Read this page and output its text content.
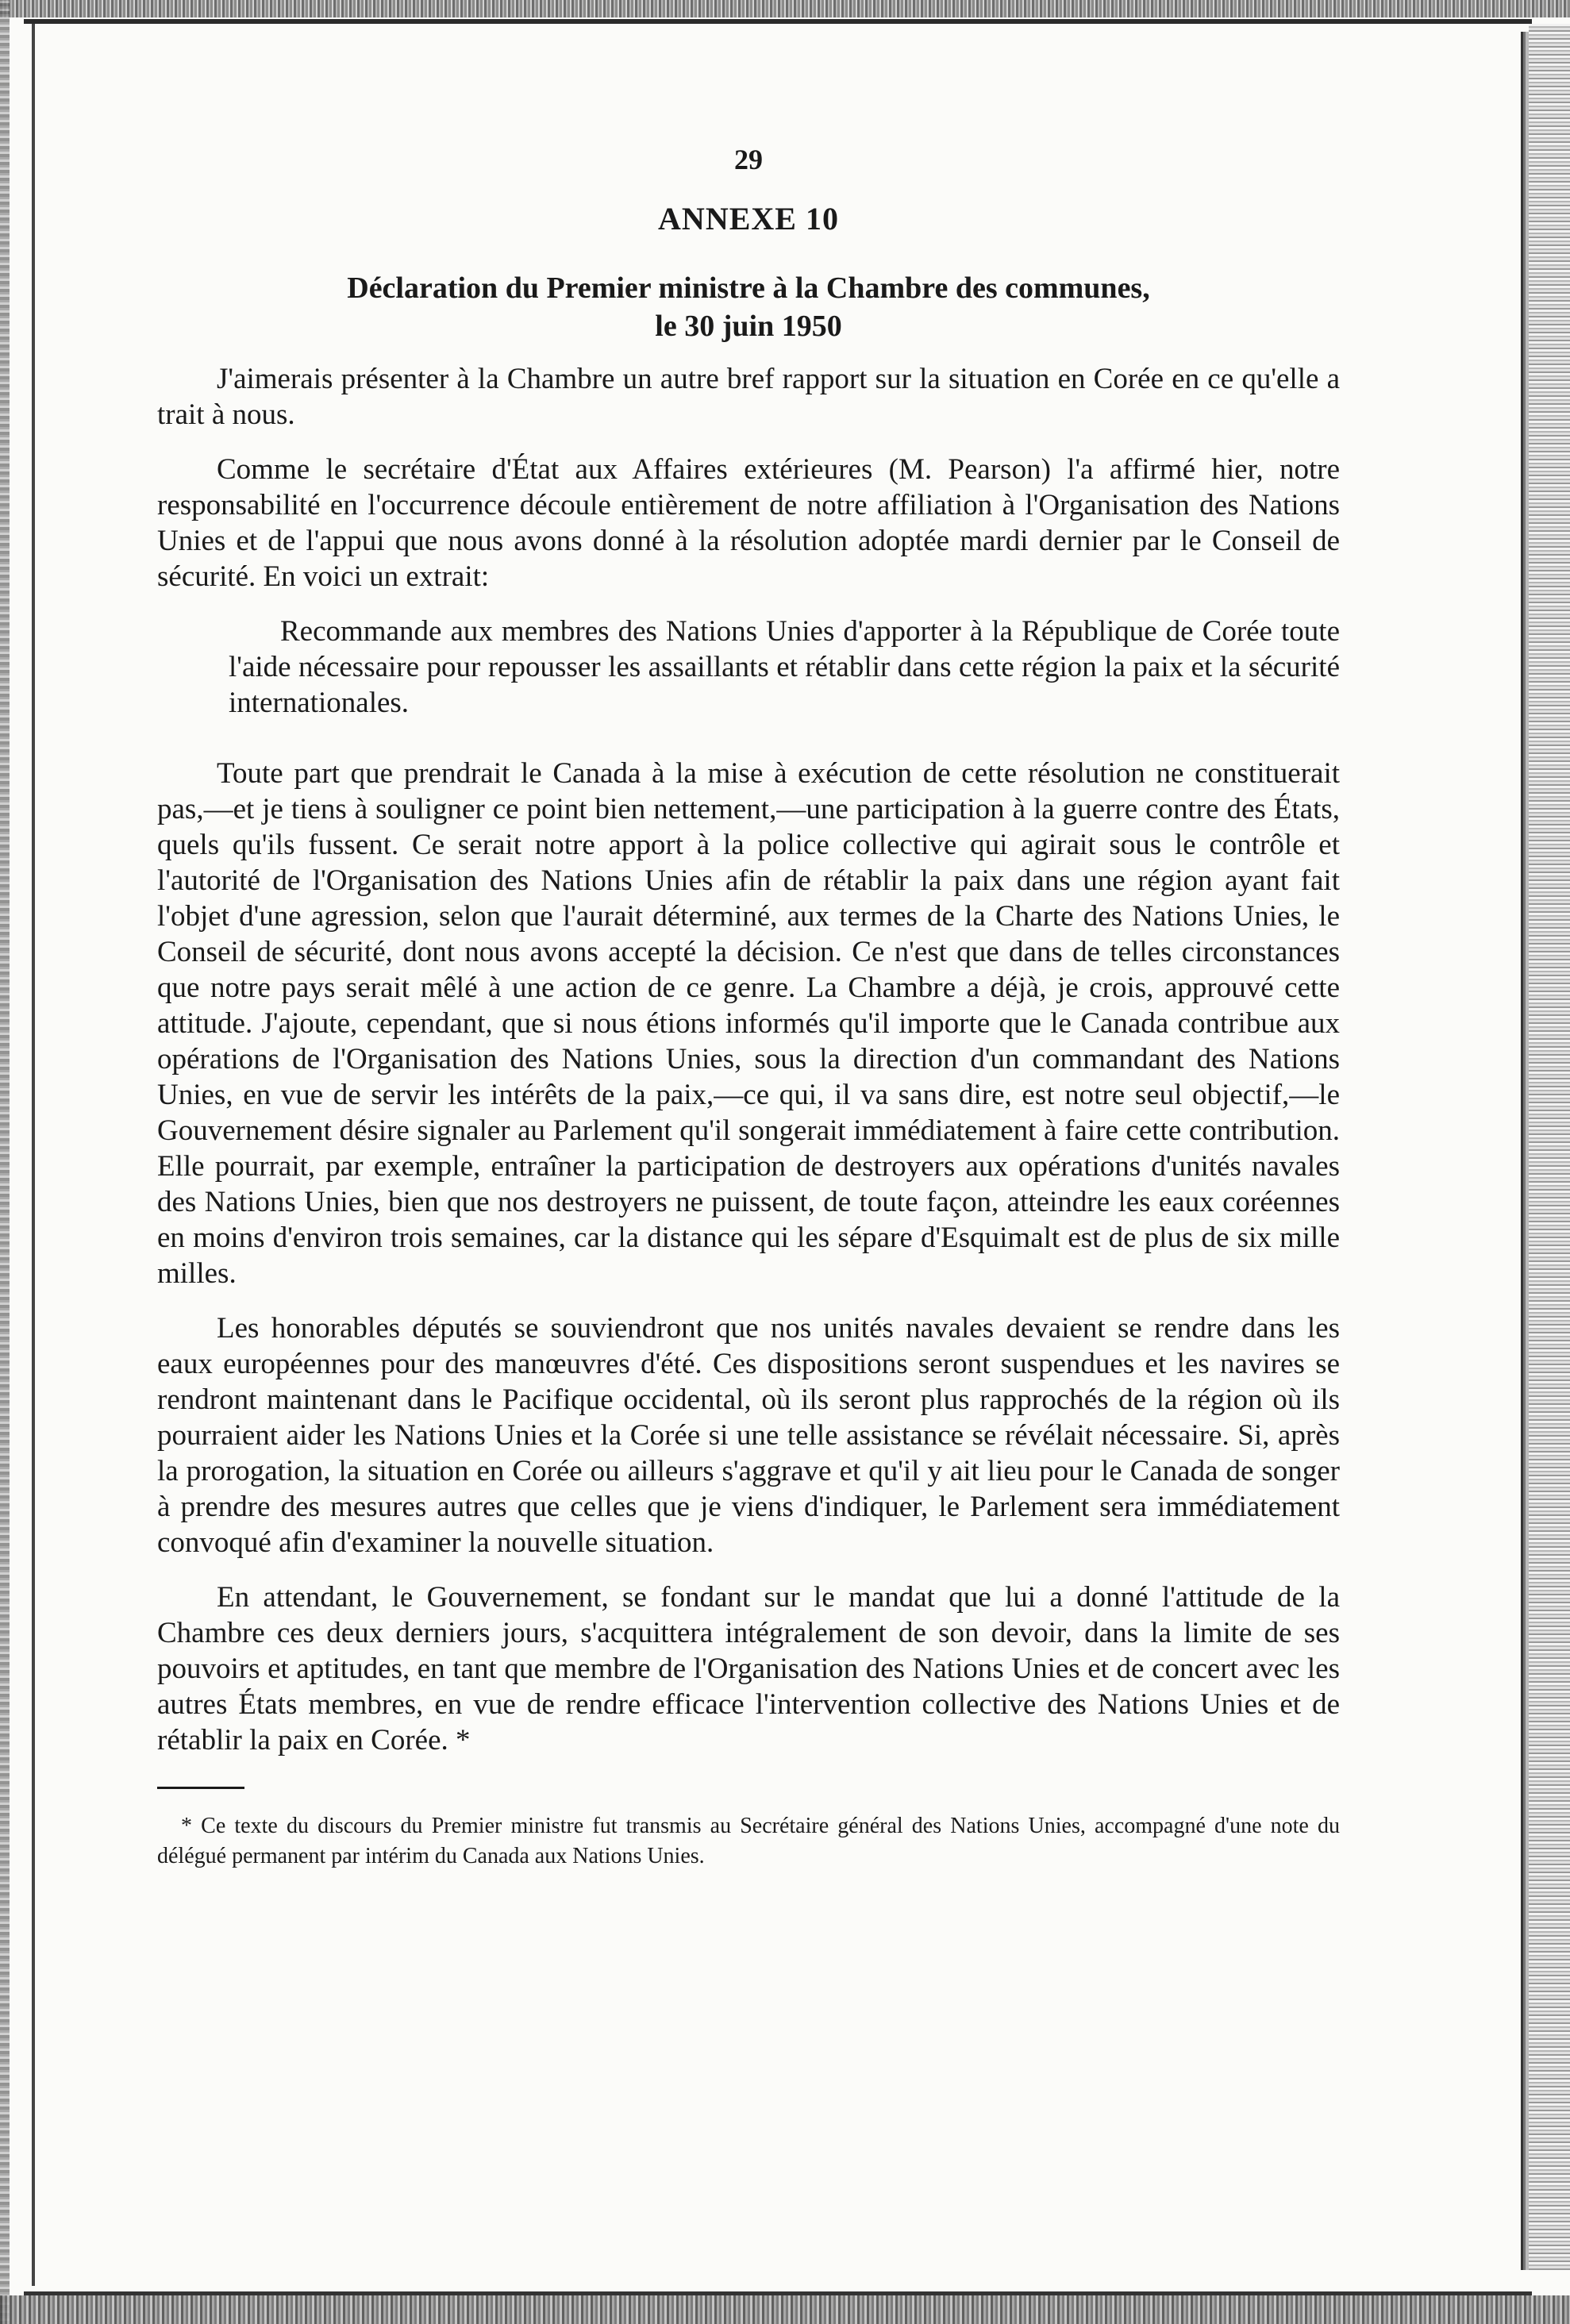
29
ANNEXE 10
Déclaration du Premier ministre à la Chambre des communes,
le 30 juin 1950

J'aimerais présenter à la Chambre un autre bref rapport sur la situation en Corée en ce qu'elle a trait à nous.

Comme le secrétaire d'État aux Affaires extérieures (M. Pearson) l'a affirmé hier, notre responsabilité en l'occurrence découle entièrement de notre affiliation à l'Organisation des Nations Unies et de l'appui que nous avons donné à la résolution adoptée mardi dernier par le Conseil de sécurité. En voici un extrait:

Recommande aux membres des Nations Unies d'apporter à la République de Corée toute l'aide nécessaire pour repousser les assaillants et rétablir dans cette région la paix et la sécurité internationales.

Toute part que prendrait le Canada à la mise à exécution de cette résolution ne constituerait pas,—et je tiens à souligner ce point bien nettement,—une participation à la guerre contre des États, quels qu'ils fussent. Ce serait notre apport à la police collective qui agirait sous le contrôle et l'autorité de l'Organisation des Nations Unies afin de rétablir la paix dans une région ayant fait l'objet d'une agression, selon que l'aurait déterminé, aux termes de la Charte des Nations Unies, le Conseil de sécurité, dont nous avons accepté la décision. Ce n'est que dans de telles circonstances que notre pays serait mêlé à une action de ce genre. La Chambre a déjà, je crois, approuvé cette attitude. J'ajoute, cependant, que si nous étions informés qu'il importe que le Canada contribue aux opérations de l'Organisation des Nations Unies, sous la direction d'un commandant des Nations Unies, en vue de servir les intérêts de la paix,—ce qui, il va sans dire, est notre seul objectif,—le Gouvernement désire signaler au Parlement qu'il songerait immédiatement à faire cette contribution. Elle pourrait, par exemple, entraîner la participation de destroyers aux opérations d'unités navales des Nations Unies, bien que nos destroyers ne puissent, de toute façon, atteindre les eaux coréennes en moins d'environ trois semaines, car la distance qui les sépare d'Esquimalt est de plus de six mille milles.

Les honorables députés se souviendront que nos unités navales devaient se rendre dans les eaux européennes pour des manœuvres d'été. Ces dispositions seront suspendues et les navires se rendront maintenant dans le Pacifique occidental, où ils seront plus rapprochés de la région où ils pourraient aider les Nations Unies et la Corée si une telle assistance se révélait nécessaire. Si, après la prorogation, la situation en Corée ou ailleurs s'aggrave et qu'il y ait lieu pour le Canada de songer à prendre des mesures autres que celles que je viens d'indiquer, le Parlement sera immédiatement convoqué afin d'examiner la nouvelle situation.

En attendant, le Gouvernement, se fondant sur le mandat que lui a donné l'attitude de la Chambre ces deux derniers jours, s'acquittera intégralement de son devoir, dans la limite de ses pouvoirs et aptitudes, en tant que membre de l'Organisation des Nations Unies et de concert avec les autres États membres, en vue de rendre efficace l'intervention collective des Nations Unies et de rétablir la paix en Corée. *

* Ce texte du discours du Premier ministre fut transmis au Secrétaire général des Nations Unies, accompagné d'une note du délégué permanent par intérim du Canada aux Nations Unies.
